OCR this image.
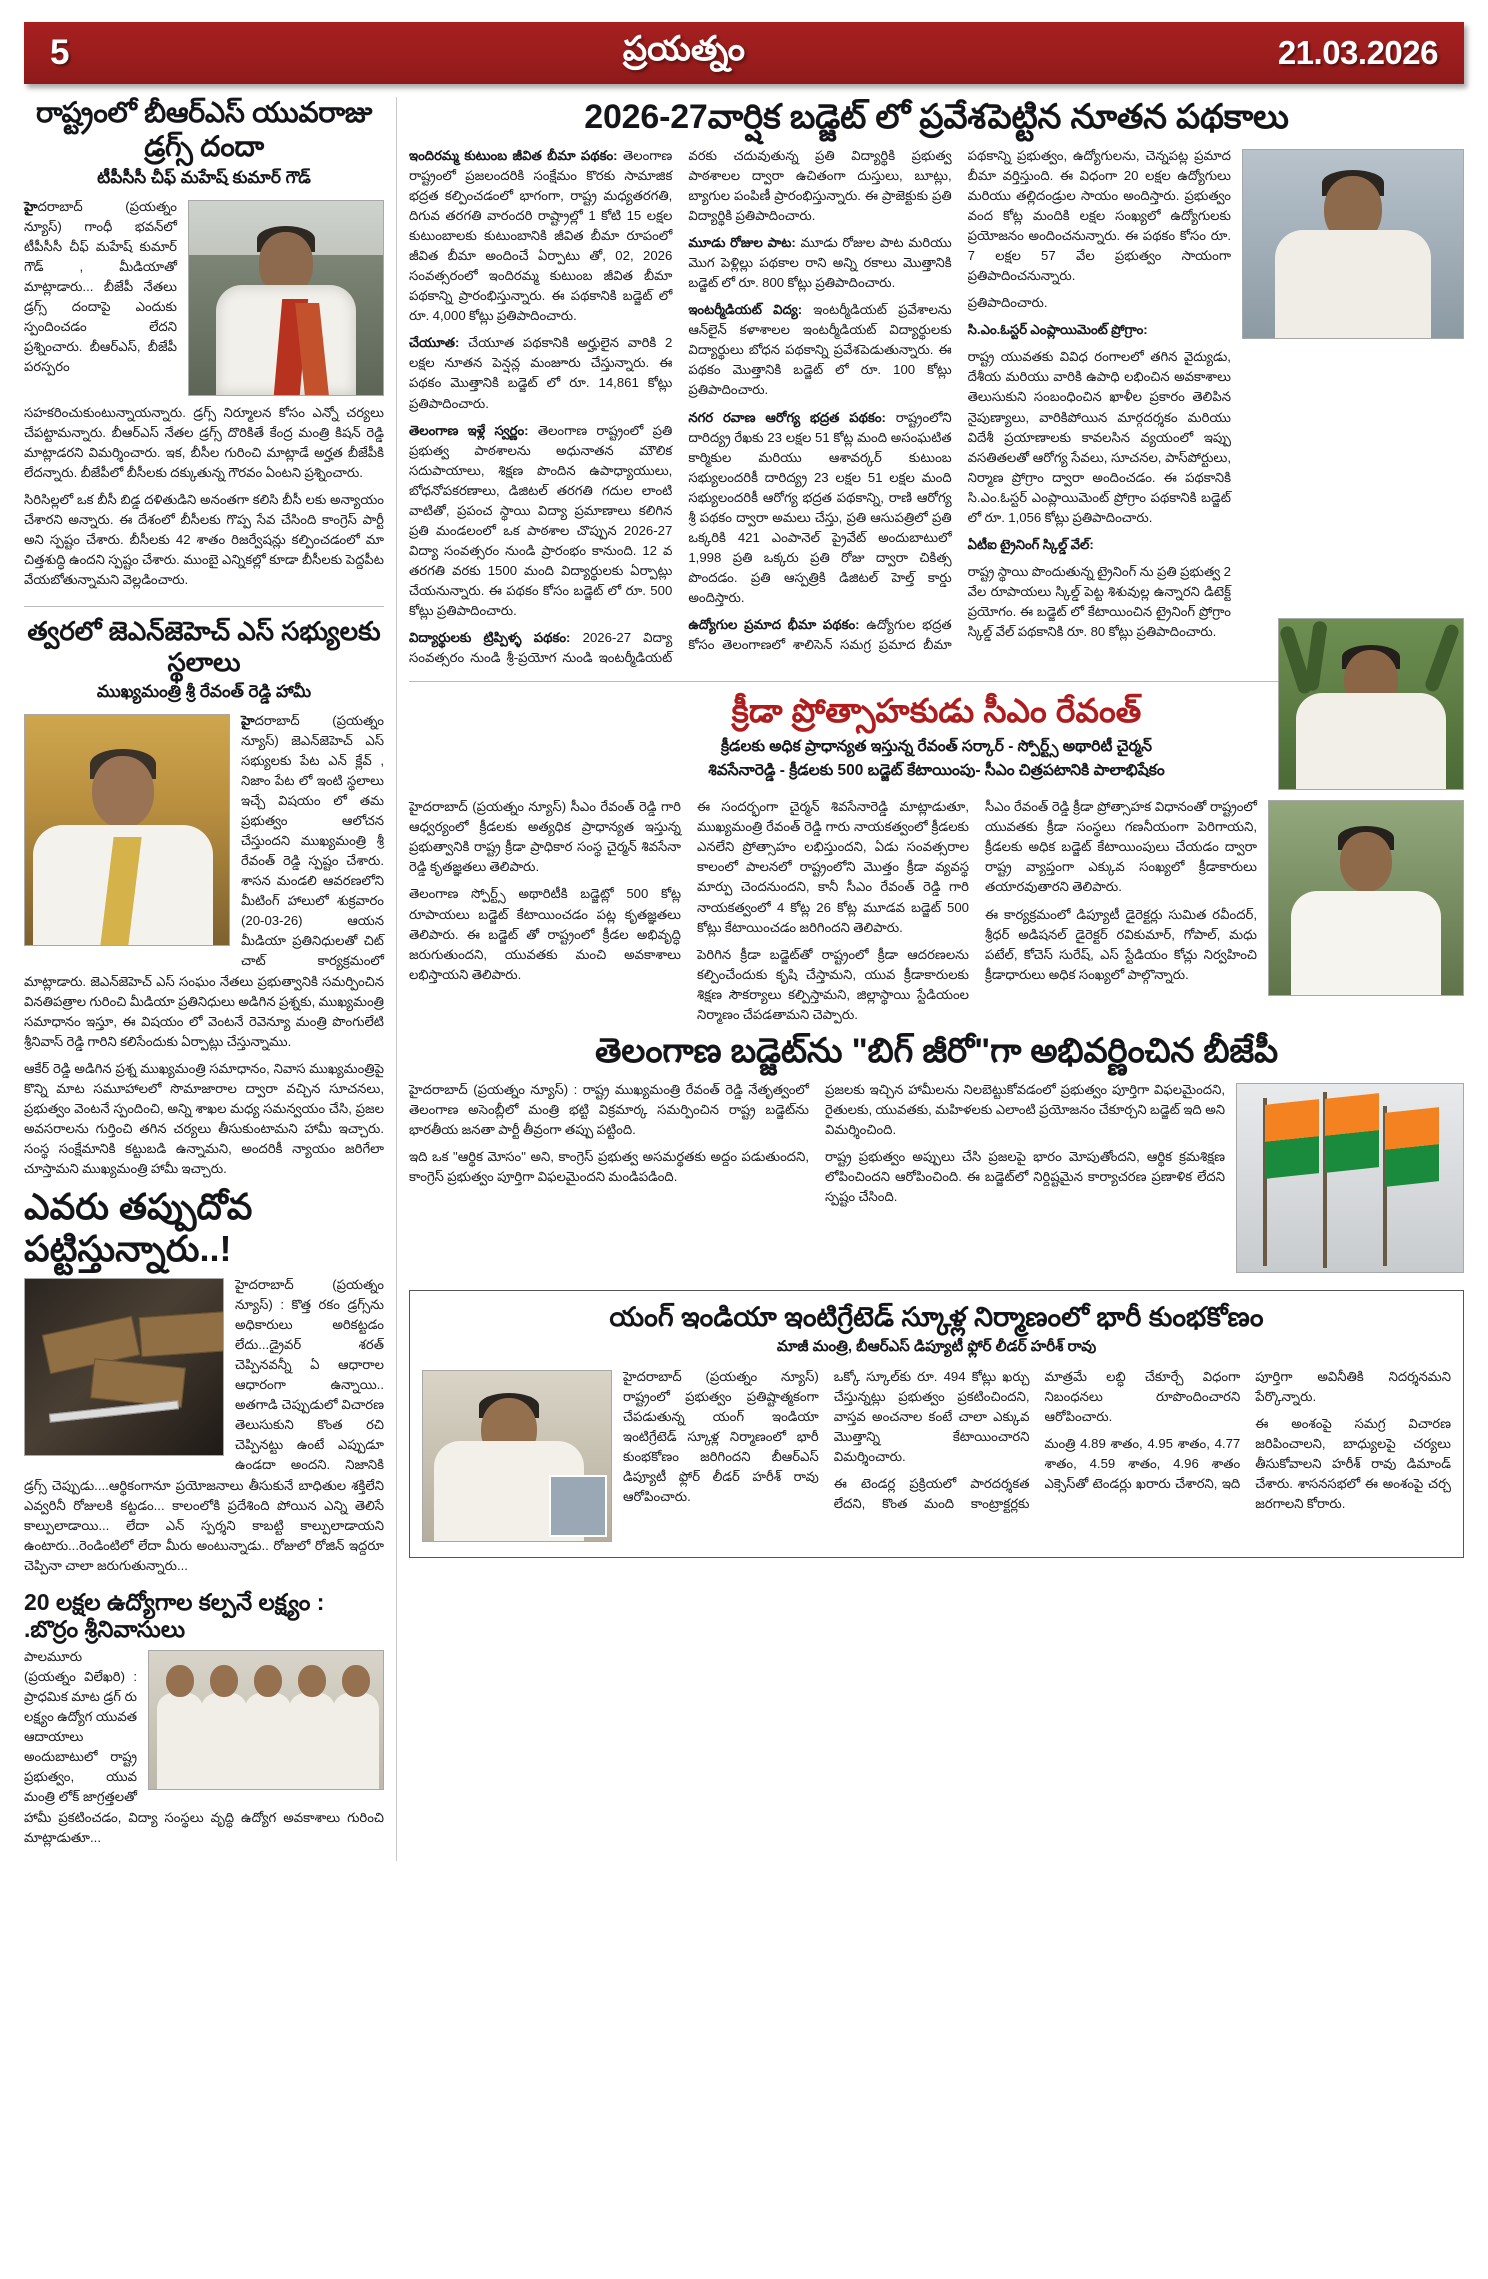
5	ప్రయత్నం	21.03.2026
రాష్ట్రంలో బీఆర్ఎస్ యువరాజు డ్రగ్స్ దందా
టీపీసీసీ చీఫ్ మహేష్ కుమార్ గౌడ్

హైదరాబాద్ (ప్రయత్నం న్యూస్) గాంధీ భవన్‌లో టీపీసీసీ చీఫ్ మహేష్ కుమార్ గౌడ్ , మీడియాతో మాట్లాడారు... బీజేపీ నేతలు డ్రగ్స్ దందాపై ఎందుకు స్పందించడం లేదని ప్రశ్నించారు. బీఆర్ఎస్, బీజేపీ పరస్పరం సహకరించుకుంటున్నాయన్నారు. డ్రగ్స్ నిర్మూలన కోసం ఎన్నో చర్యలు చేపట్టామన్నారు. బీఆర్ఎస్ నేతల డ్రగ్స్ దొరికితే కేంద్ర మంత్రి కిషన్ రెడ్డి మాట్లాడరని విమర్శించారు. ఇక, బీసీల గురించి మాట్లాడే అర్హత బీజేపీకి లేదన్నారు. బీజేపీలో బీసీలకు దక్కుతున్న గౌరవం ఏంటని ప్రశ్నించారు.

సిరిసిల్లలో ఒక బీసీ బిడ్డ దళితుడిని అనంతగా కలిసి బీసీ లకు అన్యాయం చేశారని అన్నారు. ఈ దేశంలో బీసీలకు గొప్ప సేవ చేసింది కాంగ్రెస్ పార్టీ అని స్పష్టం చేశారు. బీసీలకు 42 శాతం రిజర్వేషన్లు కల్పించడంలో మా చిత్తశుద్ధి ఉందని స్పష్టం చేశారు. ముంబై ఎన్నికల్లో కూడా బీసీలకు పెద్దపీట వేయబోతున్నామని వెల్లడించారు.

త్వరలో జెఎన్‌జెహెచ్ ఎస్ సభ్యులకు స్థలాలు
ముఖ్యమంత్రి శ్రీ రేవంత్ రెడ్డి హామీ

హైదరాబాద్ (ప్రయత్నం న్యూస్) జెఎన్‌జెహెచ్ ఎస్ సభ్యులకు పేట ఎన్ క్లేవ్ , నిజాం పేట లో ఇంటి స్థలాలు ఇచ్చే విషయం లో తమ ప్రభుత్వం ఆలోచన చేస్తుందని ముఖ్యమంత్రి శ్రీ రేవంత్ రెడ్డి స్పష్టం చేశారు. శాసన మండలి ఆవరణలోని మీటింగ్ హాలులో శుక్రవారం (20-03-26) ఆయన మీడియా ప్రతినిధులతో చిట్ చాట్ కార్యక్రమంలో మాట్లాడారు. జెఎన్‌జెహెచ్ ఎస్ సంఘం నేతలు ప్రభుత్వానికి సమర్పించిన వినతిపత్రాల గురించి మీడియా ప్రతినిధులు అడిగిన ప్రశ్నకు, ముఖ్యమంత్రి సమాధానం ఇస్తూ, ఈ విషయం లో వెంటనే రెవెన్యూ మంత్రి పొంగులేటి శ్రీనివాస్ రెడ్డి గారిని కలిసేందుకు ఏర్పాట్లు చేస్తున్నాము.

ఆకేర్ రెడ్డి అడిగిన ప్రశ్న ముఖ్యమంత్రి సమాధానం, నివాస ముఖ్యమంత్రిపై కొన్ని మాట సమూహాలలో సొమాజారాల ద్వారా వచ్చిన సూచనలు, ప్రభుత్వం వెంటనే స్పందించి, అన్ని శాఖల మధ్య సమన్వయం చేసి, ప్రజల అవసరాలను గుర్తించి తగిన చర్యలు తీసుకుంటామని హామీ ఇచ్చారు. సంస్థ సంక్షేమానికి కట్టుబడి ఉన్నామని, అందరికీ న్యాయం జరిగేలా చూస్తామని ముఖ్యమంత్రి హామీ ఇచ్చారు.

ఎవరు తప్పుదోవ పట్టిస్తున్నారు..!

హైదరాబాద్ (ప్రయత్నం న్యూస్) : కొత్త రకం డ్రగ్స్‌ను అధికారులు అరికట్టడం లేదు...డ్రైవర్ శరత్ చెప్పినవన్నీ ఏ ఆధారాల ఆధారంగా ఉన్నాయి.. అతగాడి చెప్పుడులో విచారణ తెలుసుకుని కొంత రచి చెప్పినట్టు ఉంటే ఎప్పుడూ ఉండదా అందని. నిజానికి డ్రగ్స్ చెప్పుడు....ఆర్థికంగానూ ప్రయోజనాలు తీసుకునే బాధితుల శక్తిలేని ఎవ్వరినీ రోజులకి కట్టడం... కాలంలోకి ప్రదేశింది పోయిన ఎన్ని తెలిసే కాల్పులాడాయి... లేదా ఎన్ స్పర్శని కాబట్టి కాల్పులాడాయని ఉంటారు...రెండింటిలో లేదా మీరు అంటున్నాడు.. రోజులో రోజిన్ ఇద్దరూ చెప్పినా చాలా జరుగుతున్నారు...

20 లక్షల ఉద్యోగాల కల్పనే లక్ష్యం : .బొర్రం శ్రీనివాసులు

పాలమూరు (ప్రయత్నం విలేఖరి) : ప్రాధమిక మాట డ్రగ్ రు లక్ష్యం ఉద్యోగ యువత ఆదాయాలు అందుబాటులో రాష్ట్ర ప్రభుత్వం, యువ మంత్రి లోక్ జాగ్రత్తలతో హామీ ప్రకటించడం, విద్యా సంస్థలు వృద్ధి ఉద్యోగ అవకాశాలు గురించి మాట్లాడుతూ...

2026-27వార్షిక బడ్జెట్ లో ప్రవేశపెట్టిన నూతన పథకాలు

ఇందిరమ్మ కుటుంబ జీవిత బీమా పథకం: తెలంగాణ రాష్ట్రంలో ప్రజలందరికి సంక్షేమం కొరకు సామాజిక భద్రత కల్పించడంలో భాగంగా, రాష్ట్ర మధ్యతరగతి, దిగువ తరగతి వారందరి రాష్ట్రాల్లో 1 కోటి 15 లక్షల కుటుంబాలకు కుటుంబానికి జీవిత బీమా రూపంలో జీవిత బీమా అందించే ఏర్పాటు తో, 02, 2026 సంవత్సరంలో ఇందిరమ్మ కుటుంబ జీవిత బీమా పథకాన్ని ప్రారంభిస్తున్నారు. ఈ పథకానికి బడ్జెట్ లో రూ. 4,000 కోట్లు ప్రతిపాదించారు.

చేయూత: చేయూత పథకానికి అర్హులైన వారికి 2 లక్షల నూతన పెన్షన్ల మంజూరు చేస్తున్నారు. ఈ పథకం మొత్తానికి బడ్జెట్ లో రూ. 14,861 కోట్లు ప్రతిపాదించారు.

తెలంగాణ ఇళ్లే స్వర్ణం: తెలంగాణ రాష్ట్రంలో ప్రతి ప్రభుత్వ పాఠశాలను అధునాతన మౌలిక సదుపాయాలు, శిక్షణ పొందిన ఉపాధ్యాయులు, బోధనోపకరణాలు, డిజిటల్ తరగతి గదుల లాంటి వాటితో, ప్రపంచ స్థాయి విద్యా ప్రమాణాలు కలిగిన ప్రతి మండలంలో ఒక పాఠశాల చొప్పున 2026-27 విద్యా సంవత్సరం నుండి ప్రారంభం కానుంది. 12 వ తరగతి వరకు 1500 మంది విద్యార్థులకు ఏర్పాట్లు చేయనున్నారు. ఈ పథకం కోసం బడ్జెట్ లో రూ. 500 కోట్లు ప్రతిపాదించారు.

విద్యార్థులకు ట్రిప్పిళ్ళ పథకం: 2026-27 విద్యా సంవత్సరం నుండి శ్రీ-ప్రయోగ నుండి ఇంటర్మీడియట్ వరకు చదువుతున్న ప్రతి విద్యార్థికి ప్రభుత్వ పాఠశాలల ద్వారా ఉచితంగా దుస్తులు, బూట్లు, బ్యాగుల పంపిణీ ప్రారంభిస్తున్నారు. ఈ ప్రాజెక్టుకు ప్రతి విద్యార్థికి ప్రతిపాదించారు.

మూడు రోజుల పాట: మూడు రోజుల పాట మరియు మొగ పెళ్లిల్లు పథకాల రాని అన్ని రకాలు మొత్తానికి బడ్జెట్ లో రూ. 800 కోట్లు ప్రతిపాదించారు.

ఇంటర్మీడియట్ విద్య: ఇంటర్మీడియట్ ప్రవేశాలను ఆన్‌లైన్ కళాశాలల ఇంటర్మీడియట్ విద్యార్థులకు విద్యార్థులు బోధన పథకాన్ని ప్రవేశపెడుతున్నారు. ఈ పథకం మొత్తానికి బడ్జెట్ లో రూ. 100 కోట్లు ప్రతిపాదించారు.

నగర రవాణ ఆరోగ్య భద్రత పథకం: రాష్ట్రంలోని దారిద్య్ర రేఖకు 23 లక్షల 51 కోట్ల మంది అసంఘటిత కార్మికుల మరియు ఆశావర్కర్ కుటుంబ సభ్యులందరికీ దారిద్య్ర 23 లక్షల 51 లక్షల మంది సభ్యులందరికీ ఆరోగ్య భద్రత పథకాన్ని, రాణి ఆరోగ్య శ్రీ పథకం ద్వారా అమలు చేస్తు, ప్రతి ఆసుపత్రిలో ప్రతి ఒక్కరికి 421 ఎంపానెల్ ప్రైవేట్ అందుబాటులో 1,998 ప్రతి ఒక్కరు ప్రతి రోజు ద్వారా చికిత్స పొందడం. ప్రతి ఆస్పత్రికి డిజిటల్ హెల్త్ కార్డు అందిస్తారు.

ఉద్యోగుల ప్రమాద భీమా పథకం: ఉద్యోగుల భద్రత కోసం తెలంగాణలో శాలిసెన్ సమగ్ర ప్రమాద బీమా పథకాన్ని ప్రభుత్వం, ఉద్యోగులను, చెన్నపట్ల ప్రమాద బీమా వర్తిస్తుంది. ఈ విధంగా 20 లక్షల ఉద్యోగులు మరియు తల్లిదండ్రుల సాయం అందిస్తారు. ప్రభుత్వం వంద కోట్ల మందికి లక్షల సంఖ్యలో ఉద్యోగులకు ప్రయోజనం అందించనున్నారు. ఈ పథకం కోసం రూ. 7 లక్షల 57 వేల ప్రభుత్వం సాయంగా ప్రతిపాదించనున్నారు.

ప్రతిపాదించారు.

సి.ఎం.ఓస్టర్ ఎంప్లాయిమెంట్ ప్రోగ్రాం:

రాష్ట్ర యువతకు వివిధ రంగాలలో తగిన వైద్యుడు, దేశీయ మరియు వారికి ఉపాధి లభించిన అవకాశాలు తెలుసుకుని సంబంధించిన ఖాళీల ప్రకారం తెలిపిన నైపుణ్యాలు, వారికిపోయిన మార్గదర్శకం మరియు విదేశీ ప్రయాణాలకు కావలసిన వ్యయంలో ఇప్పు వసతితలతో ఆరోగ్య సేవలు, సూచనల, పాస్‌పోర్టులు, నిర్మాణ ప్రోగ్రాం ద్వారా అందించడం. ఈ పథకానికి సి.ఎం.ఓస్టర్ ఎంప్లాయిమెంట్ ప్రోగ్రాం పథకానికి బడ్జెట్ లో రూ. 1,056 కోట్లు ప్రతిపాదించారు.

ఏటీఐ ట్రైనింగ్ స్కిల్డ్ వేల్:

రాష్ట్ర స్థాయి పొందుతున్న ట్రైనింగ్ ను ప్రతి ప్రభుత్వ 2 వేల రూపాయలు స్కిల్డ్ పెట్ట శిశువుల్ల ఉన్నారని డిటెక్ట్ ప్రయోగం. ఈ బడ్జెట్ లో కేటాయించిన ట్రైనింగ్ ప్రోగ్రాం స్కిల్డ్ వేల్ పథకానికి రూ. 80 కోట్లు ప్రతిపాదించారు.

క్రీడా ప్రోత్సాహకుడు సీఎం రేవంత్
క్రీడలకు అధిక ప్రాధాన్యత ఇస్తున్న రేవంత్ సర్కార్ - స్పోర్ట్స్ అథారిటీ చైర్మన్
శివసేనారెడ్డి - క్రీడలకు 500 బడ్జెట్ కేటాయింపు- సీఎం చిత్రపటానికి పాలాభిషేకం

హైదరాబాద్ (ప్రయత్నం న్యూస్) సీఎం రేవంత్ రెడ్డి గారి ఆధ్వర్యంలో క్రీడలకు అత్యధిక ప్రాధాన్యత ఇస్తున్న ప్రభుత్వానికి రాష్ట్ర క్రీడా ప్రాధికార సంస్థ చైర్మన్ శివసేనా రెడ్డి కృతజ్ఞతలు తెలిపారు.

తెలంగాణ స్పోర్ట్స్ అథారిటీకి బడ్జెట్లో 500 కోట్ల రూపాయలు బడ్జెట్ కేటాయించడం పట్ల కృతజ్ఞతలు తెలిపారు. ఈ బడ్జెట్ తో రాష్ట్రంలో క్రీడల అభివృద్ధి జరుగుతుందని, యువతకు మంచి అవకాశాలు లభిస్తాయని తెలిపారు.

ఈ సందర్భంగా చైర్మన్ శివసేనారెడ్డి మాట్లాడుతూ, ముఖ్యమంత్రి రేవంత్ రెడ్డి గారు నాయకత్వంలో క్రీడలకు ఎనలేని ప్రోత్సాహం లభిస్తుందని, ఏడు సంవత్సరాల కాలంలో పాలనలో రాష్ట్రంలోని మొత్తం క్రీడా వ్యవస్థ మార్పు చెందనుందని, కానీ సీఎం రేవంత్ రెడ్డి గారి నాయకత్వంలో 4 కోట్ల 26 కోట్ల మూడవ బడ్జెట్ 500 కోట్లు కేటాయించడం జరిగిందని తెలిపారు.

పెరిగిన క్రీడా బడ్జెట్‌తో రాష్ట్రంలో క్రీడా ఆదరణలను కల్పించేందుకు కృషి చేస్తామని, యువ క్రీడాకారులకు శిక్షణ సౌకర్యాలు కల్పిస్తామని, జిల్లాస్థాయి స్టేడియంల నిర్మాణం చేపడతామని చెప్పారు.

సీఎం రేవంత్ రెడ్డి క్రీడా ప్రోత్సాహక విధానంతో రాష్ట్రంలో యువతకు క్రీడా సంస్థలు గణనీయంగా పెరిగాయని, క్రీడలకు అధిక బడ్జెట్ కేటాయింపులు చేయడం ద్వారా రాష్ట్ర వ్యాప్తంగా ఎక్కువ సంఖ్యలో క్రీడాకారులు తయారవుతారని తెలిపారు.

ఈ కార్యక్రమంలో డిప్యూటీ డైరెక్టర్లు సుమిత రవీందర్, శ్రీధర్ అడిషనల్ డైరెక్టర్ రవికుమార్, గోపాల్, మధు పటేల్, కోచెస్ సురేష్, ఎస్ స్టేడియం కోచ్లు నిర్వహించి క్రీడాధారులు అధిక సంఖ్యలో పాల్గొన్నారు.

తెలంగాణ బడ్జెట్‌ను "బిగ్ జీరో"గా అభివర్ణించిన బీజేపీ

హైదరాబాద్ (ప్రయత్నం న్యూస్) : రాష్ట్ర ముఖ్యమంత్రి రేవంత్ రెడ్డి నేతృత్వంలో తెలంగాణ అసెంబ్లీలో మంత్రి భట్టి విక్రమార్క సమర్పించిన రాష్ట్ర బడ్జెట్‌ను భారతీయ జనతా పార్టీ తీవ్రంగా తప్పు పట్టింది.

ఇది ఒక "ఆర్థిక మోసం" అని, కాంగ్రెస్ ప్రభుత్వ అసమర్థతకు అద్దం పడుతుందని, కాంగ్రెస్ ప్రభుత్వం పూర్తిగా విఫలమైందని మండిపడింది.

ప్రజలకు ఇచ్చిన హామీలను నిలబెట్టుకోవడంలో ప్రభుత్వం పూర్తిగా విఫలమైందని, రైతులకు, యువతకు, మహిళలకు ఎలాంటి ప్రయోజనం చేకూర్చని బడ్జెట్ ఇది అని విమర్శించింది.

రాష్ట్ర ప్రభుత్వం అప్పులు చేసి ప్రజలపై భారం మోపుతోందని, ఆర్థిక క్రమశిక్షణ లోపించిందని ఆరోపించింది. ఈ బడ్జెట్‌లో నిర్దిష్టమైన కార్యాచరణ ప్రణాళిక లేదని స్పష్టం చేసింది.

యంగ్ ఇండియా ఇంటిగ్రేటెడ్ స్కూళ్ల నిర్మాణంలో భారీ కుంభకోణం
మాజీ మంత్రి, బీఆర్ఎస్ డిప్యూటీ ఫ్లోర్ లీడర్ హరీశ్ రావు

హైదరాబాద్ (ప్రయత్నం న్యూస్) రాష్ట్రంలో ప్రభుత్వం ప్రతిష్టాత్మకంగా చేపడుతున్న యంగ్ ఇండియా ఇంటిగ్రేటెడ్ స్కూళ్ల నిర్మాణంలో భారీ కుంభకోణం జరిగిందని బీఆర్ఎస్ డిప్యూటీ ఫ్లోర్ లీడర్ హరీశ్ రావు ఆరోపించారు.

ఒక్కో స్కూల్‌కు రూ. 494 కోట్లు ఖర్చు చేస్తున్నట్లు ప్రభుత్వం ప్రకటించిందని, వాస్తవ అంచనాల కంటే చాలా ఎక్కువ మొత్తాన్ని కేటాయించారని విమర్శించారు.

ఈ టెండర్ల ప్రక్రియలో పారదర్శకత లేదని, కొంత మంది కాంట్రాక్టర్లకు మాత్రమే లబ్ధి చేకూర్చే విధంగా నిబంధనలు రూపొందించారని ఆరోపించారు.

మంత్రి 4.89 శాతం, 4.95 శాతం, 4.77 శాతం, 4.59 శాతం, 4.96 శాతం ఎక్సెస్‌తో టెండర్లు ఖరారు చేశారని, ఇది పూర్తిగా అవినీతికి నిదర్శనమని పేర్కొన్నారు.

ఈ అంశంపై సమగ్ర విచారణ జరిపించాలని, బాధ్యులపై చర్యలు తీసుకోవాలని హరీశ్ రావు డిమాండ్ చేశారు. శాసనసభలో ఈ అంశంపై చర్చ జరగాలని కోరారు.
